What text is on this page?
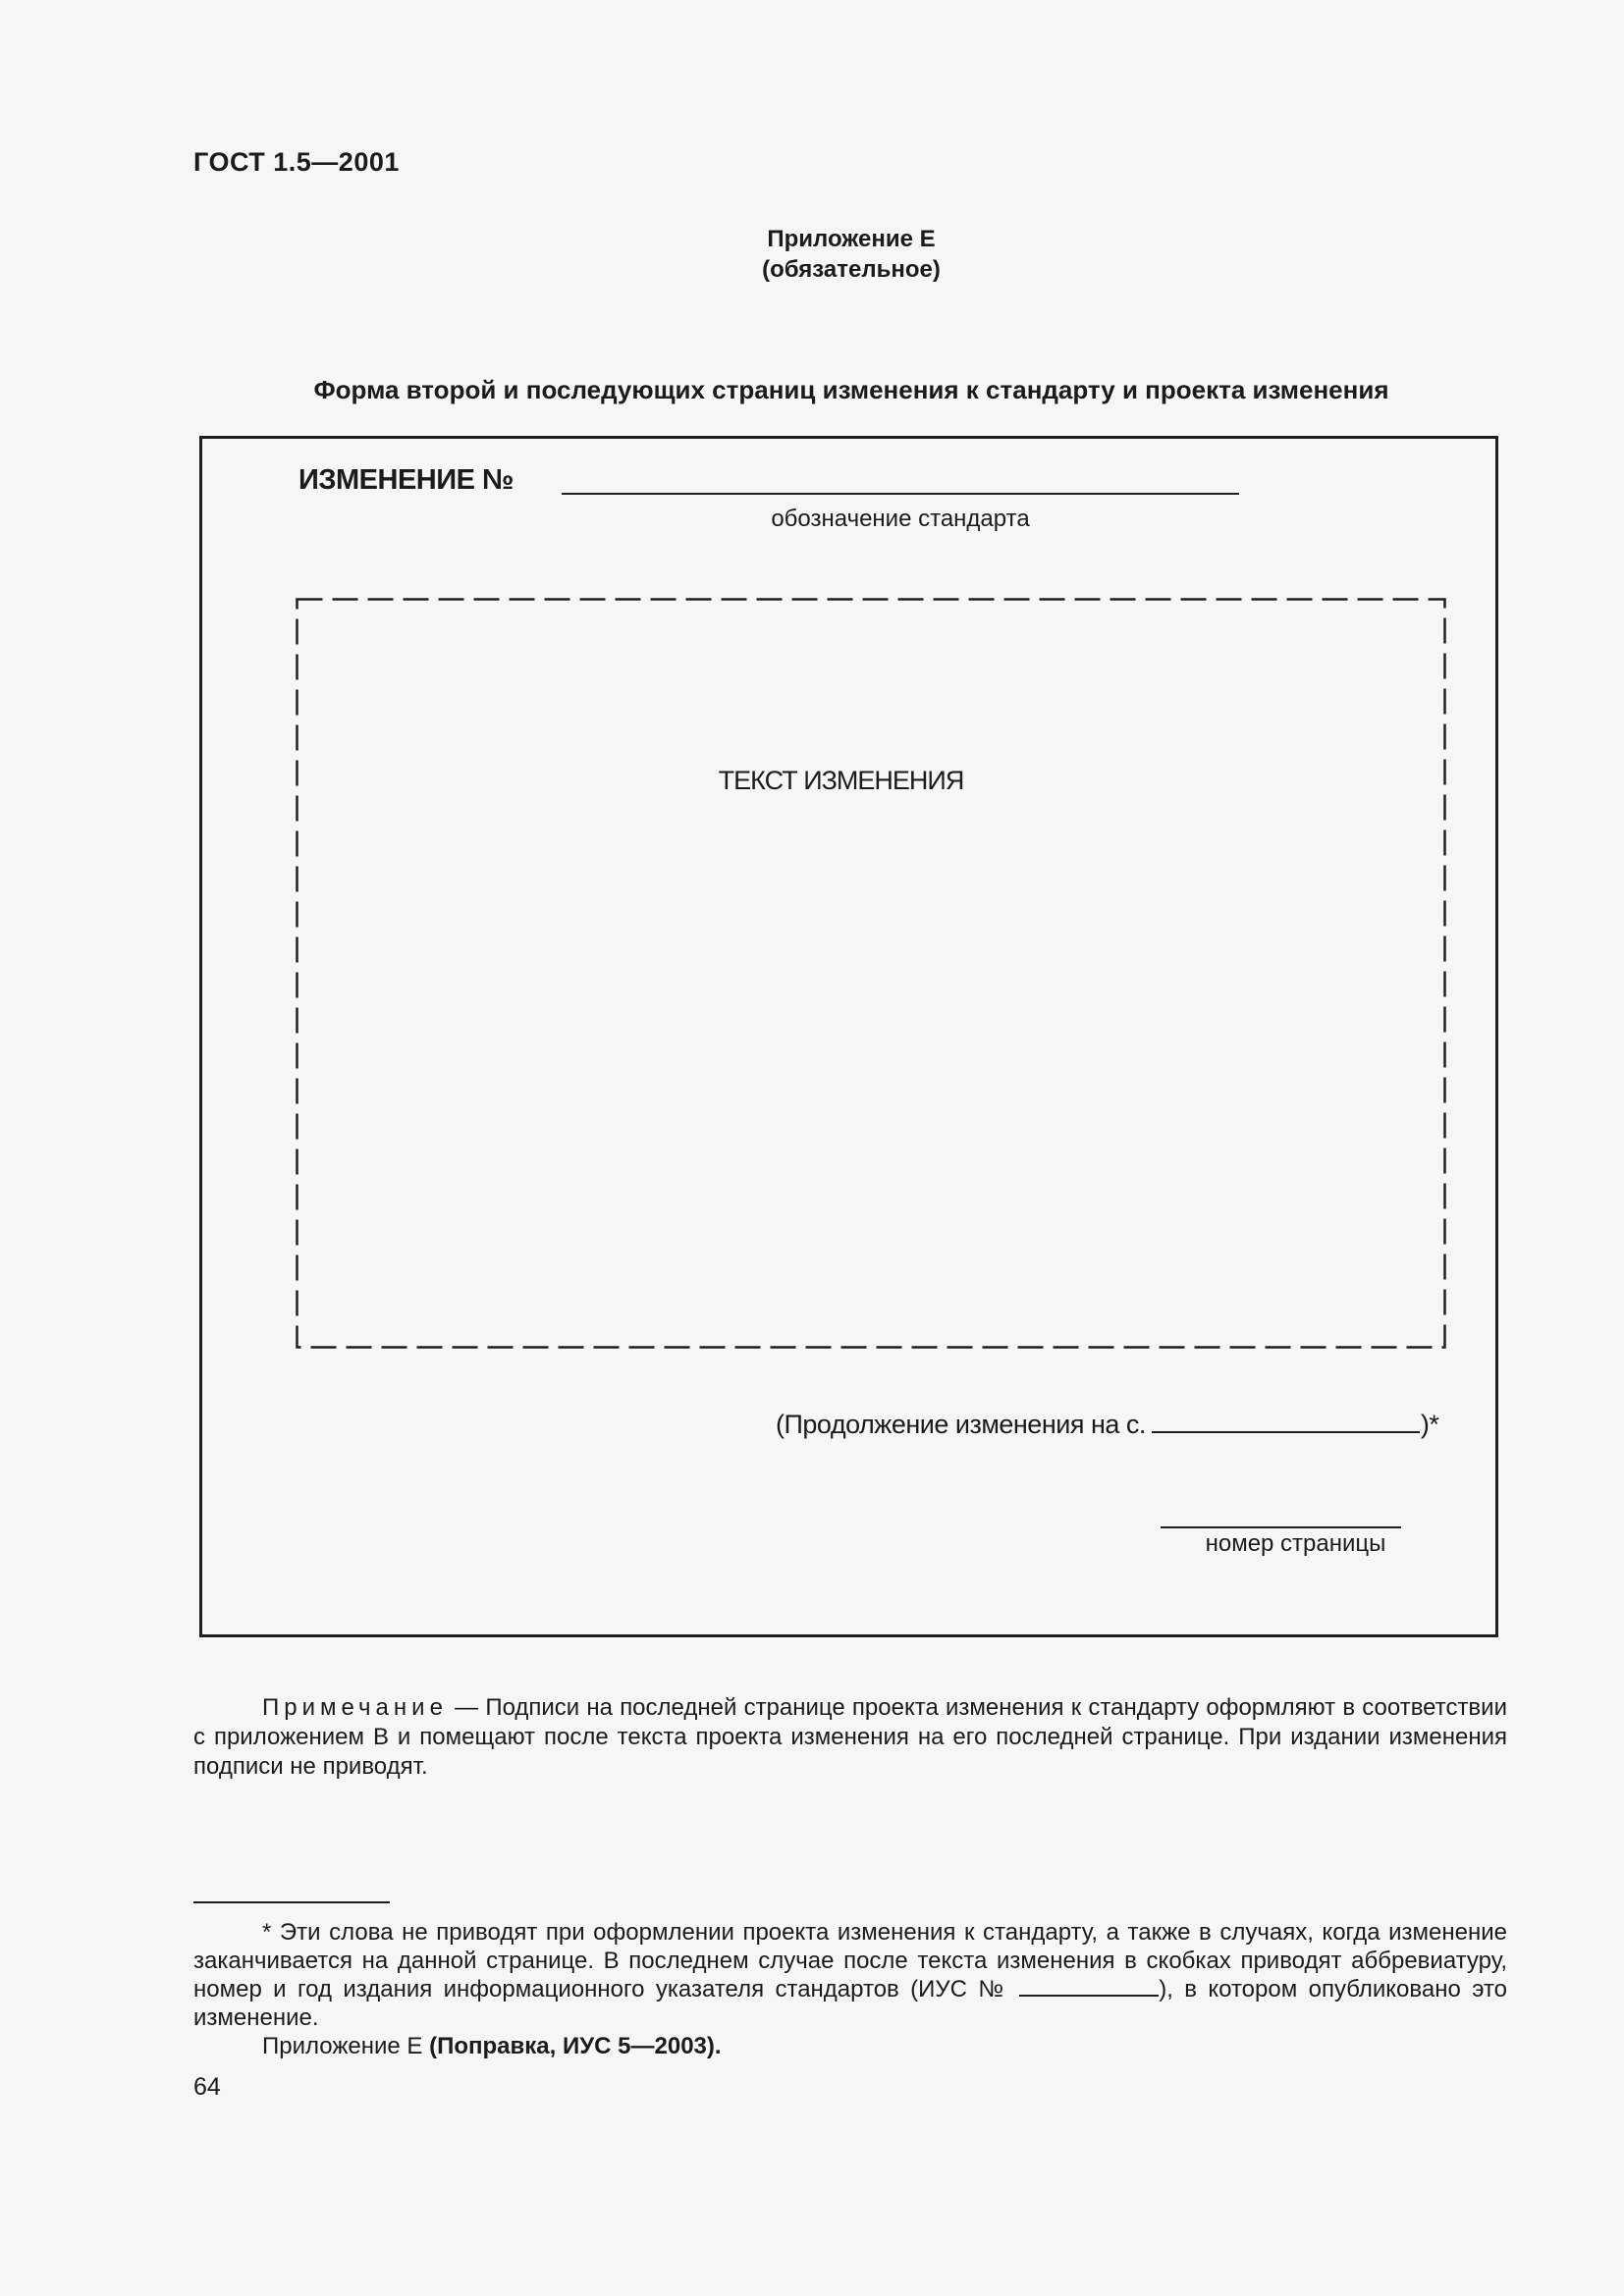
ГОСТ 1.5—2001
Приложение Е
(обязательное)
Форма второй и последующих страниц изменения к стандарту и проекта изменения
ИЗМЕНЕНИЕ №
обозначение стандарта
ТЕКСТ ИЗМЕНЕНИЯ
(Продолжение изменения на с.	)*
номер страницы
Примечание — Подписи на последней странице проекта изменения к стандарту оформляют в соответствии с приложением В и помещают после текста проекта изменения на его последней странице. При издании изменения подписи не приводят.
* Эти слова не приводят при оформлении проекта изменения к стандарту, а также в случаях, когда изменение заканчивается на данной странице. В последнем случае после текста изменения в скобках приводят аббревиатуру, номер и год издания информационного указателя стандартов (ИУС №	), в котором опубликовано это изменение.
Приложение Е (Поправка, ИУС 5—2003).
64
